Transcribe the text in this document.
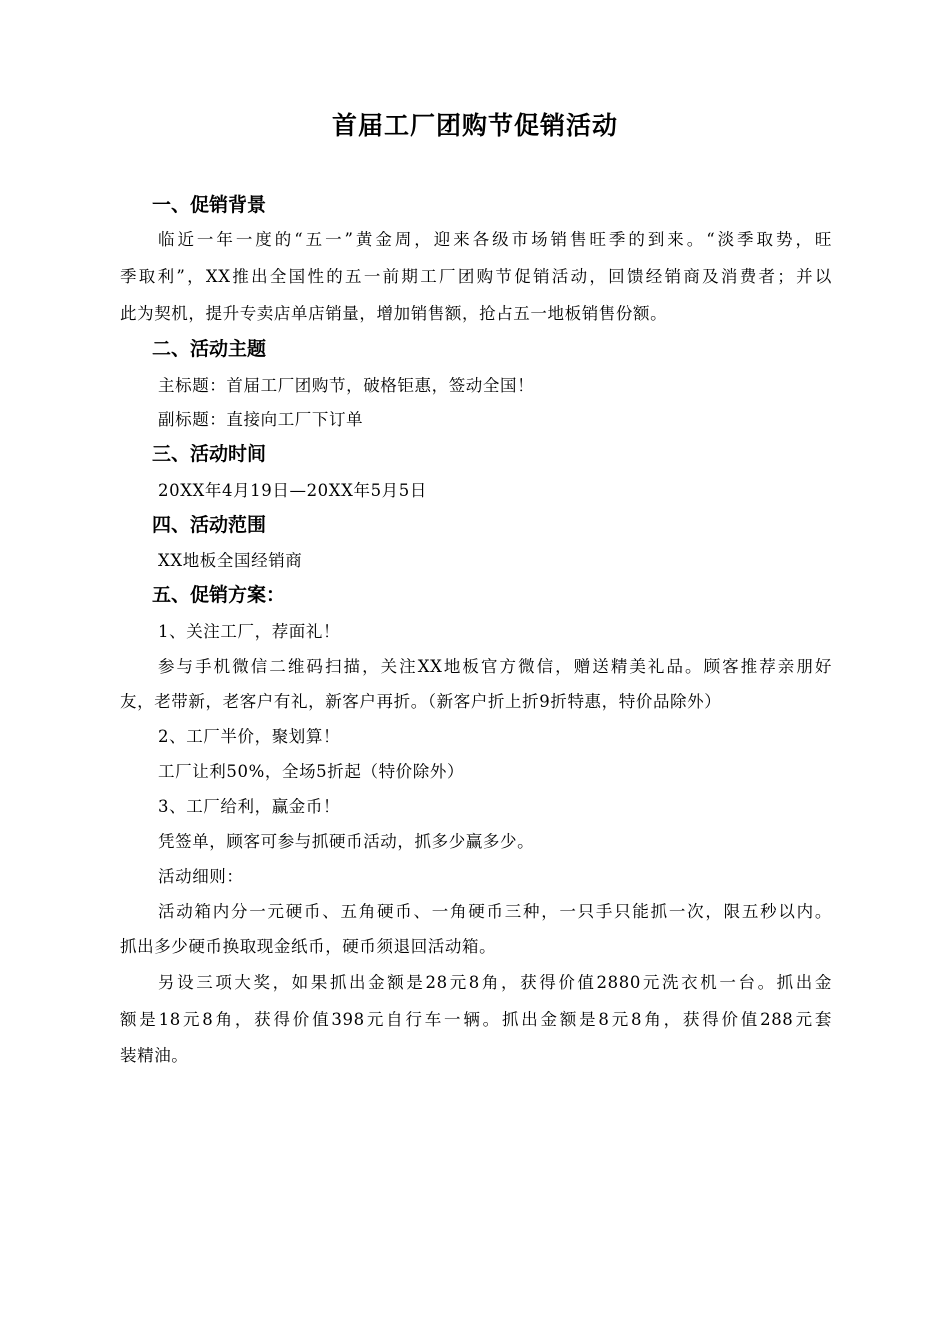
首届工厂团购节促销活动
一、促销背景
临近一年一度的“五一”黄金周，迎来各级市场销售旺季的到来。“淡季取势，旺
季取利”，XX推出全国性的五一前期工厂团购节促销活动，回馈经销商及消费者；并以
此为契机，提升专卖店单店销量，增加销售额，抢占五一地板销售份额。
二、活动主题
主标题：首届工厂团购节，破格钜惠，签动全国！
副标题：直接向工厂下订单
三、活动时间
20XX年4月19日—20XX年5月5日
四、活动范围
XX地板全国经销商
五、促销方案：
1、关注工厂，荐面礼！
参与手机微信二维码扫描，关注XX地板官方微信，赠送精美礼品。顾客推荐亲朋好
友，老带新，老客户有礼，新客户再折。（新客户折上折9折特惠，特价品除外）
2、工厂半价，聚划算！
工厂让利50%，全场5折起（特价除外）
3、工厂给利，赢金币！
凭签单，顾客可参与抓硬币活动，抓多少赢多少。
活动细则：
活动箱内分一元硬币、五角硬币、一角硬币三种，一只手只能抓一次，限五秒以内。
抓出多少硬币换取现金纸币，硬币须退回活动箱。
另设三项大奖，如果抓出金额是28元8角，获得价值2880元洗衣机一台。抓出金
额是18元8角，获得价值398元自行车一辆。抓出金额是8元8角，获得价值288元套
装精油。
